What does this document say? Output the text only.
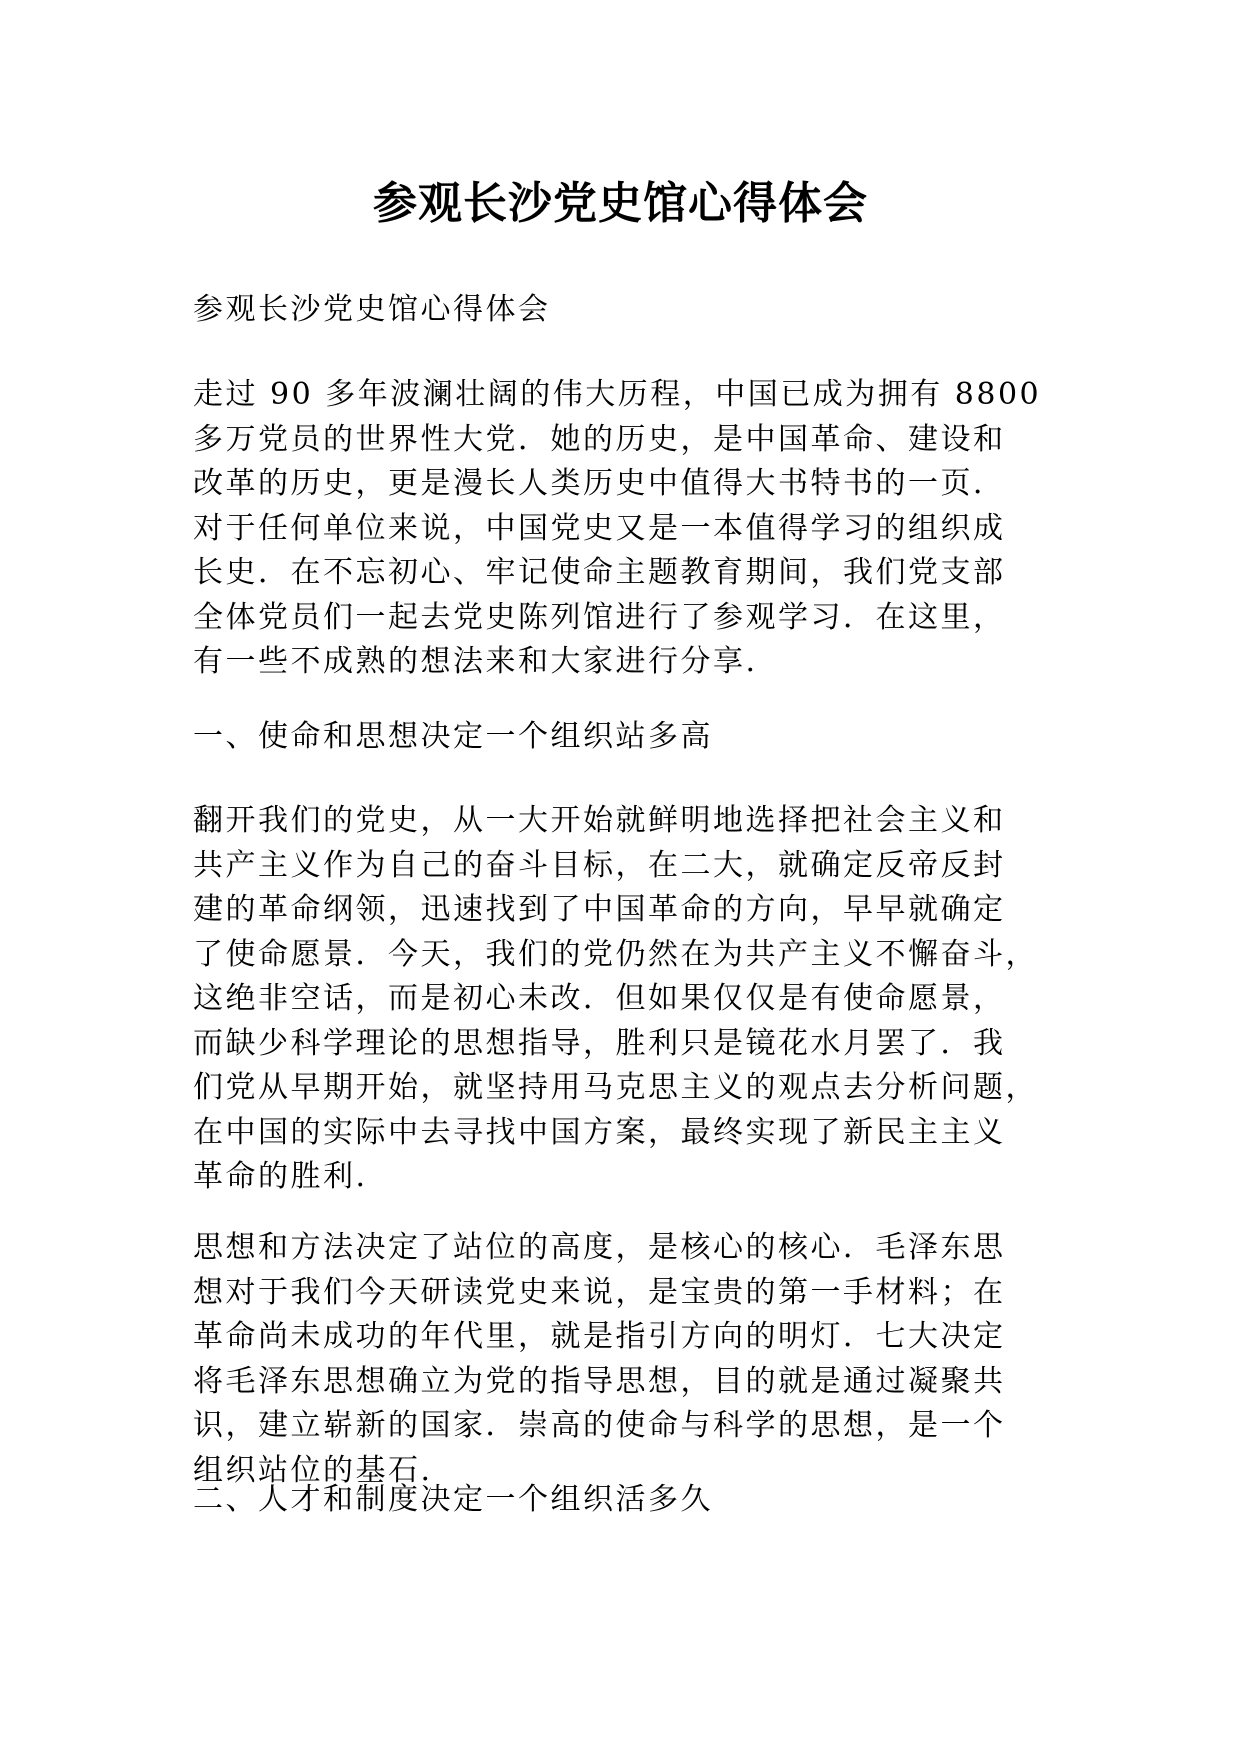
参观长沙党史馆心得体会

参观长沙党史馆心得体会

走过 90 多年波澜壮阔的伟大历程，中国已成为拥有 8800
多万党员的世界性大党．她的历史，是中国革命、建设和
改革的历史，更是漫长人类历史中值得大书特书的一页．
对于任何单位来说，中国党史又是一本值得学习的组织成
长史．在不忘初心、牢记使命主题教育期间，我们党支部
全体党员们一起去党史陈列馆进行了参观学习．在这里，
有一些不成熟的想法来和大家进行分享.

一、使命和思想决定一个组织站多高

翻开我们的党史，从一大开始就鲜明地选择把社会主义和
共产主义作为自己的奋斗目标，在二大，就确定反帝反封
建的革命纲领，迅速找到了中国革命的方向，早早就确定
了使命愿景．今天，我们的党仍然在为共产主义不懈奋斗，
这绝非空话，而是初心未改．但如果仅仅是有使命愿景，
而缺少科学理论的思想指导，胜利只是镜花水月罢了．我
们党从早期开始，就坚持用马克思主义的观点去分析问题，
在中国的实际中去寻找中国方案，最终实现了新民主主义
革命的胜利.

思想和方法决定了站位的高度，是核心的核心．毛泽东思
想对于我们今天研读党史来说，是宝贵的第一手材料；在
革命尚未成功的年代里，就是指引方向的明灯．七大决定
将毛泽东思想确立为党的指导思想，目的就是通过凝聚共
识，建立崭新的国家．崇高的使命与科学的思想，是一个
组织站位的基石.

二、人才和制度决定一个组织活多久
